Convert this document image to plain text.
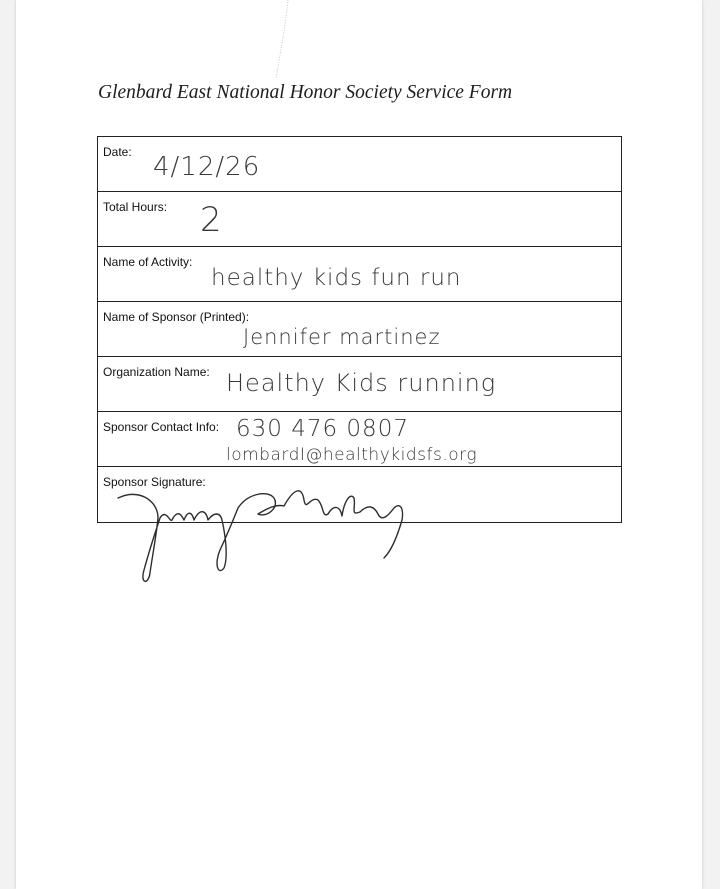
Glenbard East National Honor Society Service Form
Date: 4/12/26
Total Hours: 2
Name of Activity:
healthy kids fun run
Name of Sponsor (Printed):
Jennifer martinez
Organization Name: Healthy Kids running
Sponsor Contact Info: 630 476 0807
lombardI@healthykidsfs.org
Sponsor Signature:
